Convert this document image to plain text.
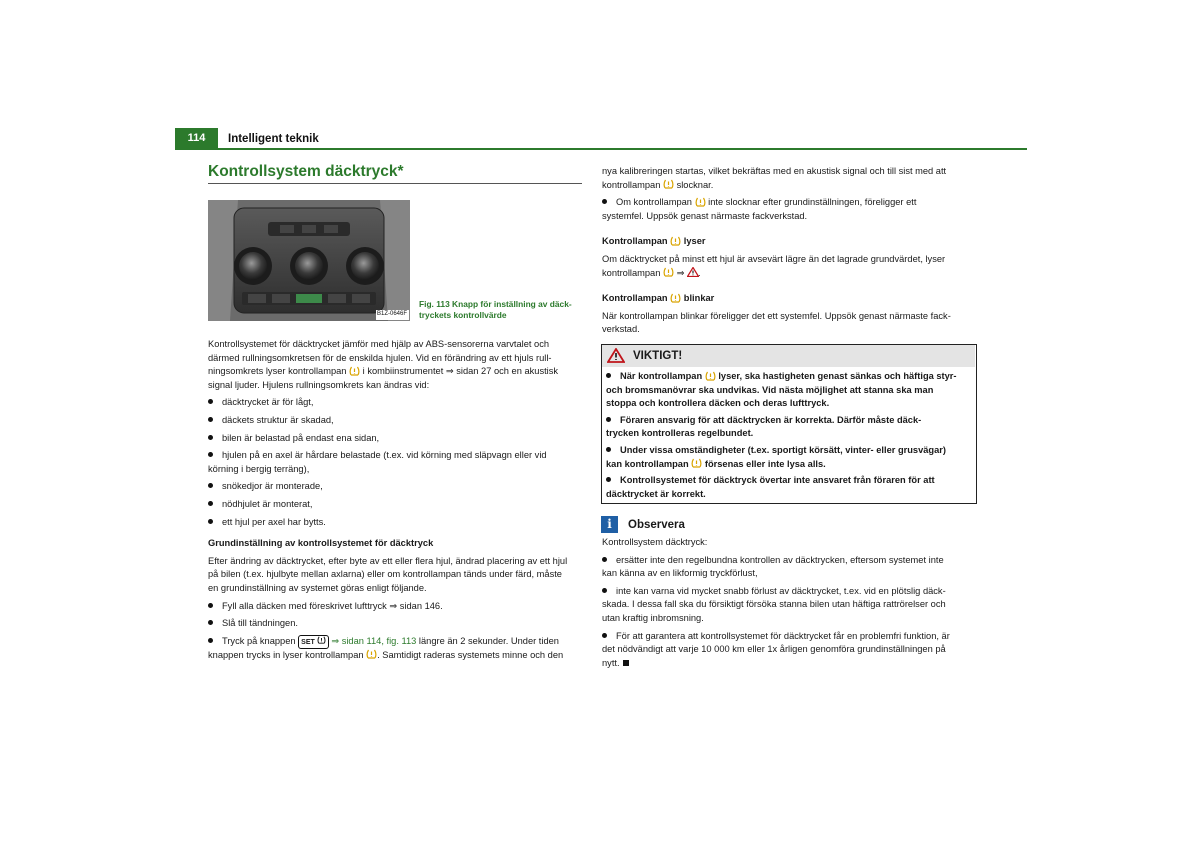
114	Intelligent teknik
Kontrollsystem däcktryck*
B1Z-0646F
Fig. 113 Knapp för inställning av däck-
tryckets kontrollvärde

Kontrollsystemet för däcktrycket jämför med hjälp av ABS-sensorerna varvtalet och

därmed rullningsomkretsen för de enskilda hjulen. Vid en förändring av ett hjuls rull-

ningsomkrets lyser kontrollampan i kombiinstrumentet ⇒ sidan 27 och en akustisk

signal ljuder. Hjulens rullningsomkrets kan ändras vid:

däcktrycket är för lågt,

däckets struktur är skadad,

bilen är belastad på endast ena sidan,

hjulen på en axel är hårdare belastade (t.ex. vid körning med släpvagn eller vid

körning i bergig terräng),

snökedjor är monterade,

nödhjulet är monterat,

ett hjul per axel har bytts.

Grundinställning av kontrollsystemet för däcktryck

Efter ändring av däcktrycket, efter byte av ett eller flera hjul, ändrad placering av ett hjul

på bilen (t.ex. hjulbyte mellan axlarna) eller om kontrollampan tänds under färd, måste

en grundinställning av systemet göras enligt följande.

Fyll alla däcken med föreskrivet lufttryck ⇒ sidan 146.

Slå till tändningen.

Tryck på knappen SET ⇒ sidan 114, fig. 113 längre än 2 sekunder. Under tiden

knappen trycks in lyser kontrollampan . Samtidigt raderas systemets minne och den

nya kalibreringen startas, vilket bekräftas med en akustisk signal och till sist med att

kontrollampan slocknar.

Om kontrollampan inte slocknar efter grundinställningen, föreligger ett

systemfel. Uppsök genast närmaste fackverkstad.

Kontrollampan lyser

Om däcktrycket på minst ett hjul är avsevärt lägre än det lagrade grundvärdet, lyser

kontrollampan ⇒ .

Kontrollampan blinkar

När kontrollampan blinkar föreligger det ett systemfel. Uppsök genast närmaste fack-

verkstad.

VIKTIGT!

När kontrollampan lyser, ska hastigheten genast sänkas och häftiga styr-
och bromsmanövrar ska undvikas. Vid nästa möjlighet att stanna ska man
stoppa och kontrollera däcken och deras lufttryck.

Föraren ansvarig för att däcktrycken är korrekta. Därför måste däck-
trycken kontrolleras regelbundet.

Under vissa omständigheter (t.ex. sportigt körsätt, vinter- eller grusvägar)
kan kontrollampan försenas eller inte lysa alls.

Kontrollsystemet för däcktryck övertar inte ansvaret från föraren för att
däcktrycket är korrekt.

i	Observera

Kontrollsystem däcktryck:

ersätter inte den regelbundna kontrollen av däcktrycken, eftersom systemet inte

kan känna av en likformig tryckförlust,

inte kan varna vid mycket snabb förlust av däcktrycket, t.ex. vid en plötslig däck-

skada. I dessa fall ska du försiktigt försöka stanna bilen utan häftiga rattrörelser och

utan kraftig inbromsning.

För att garantera att kontrollsystemet för däcktrycket får en problemfri funktion, är

det nödvändigt att varje 10 000 km eller 1x årligen genomföra grundinställningen på

nytt.
